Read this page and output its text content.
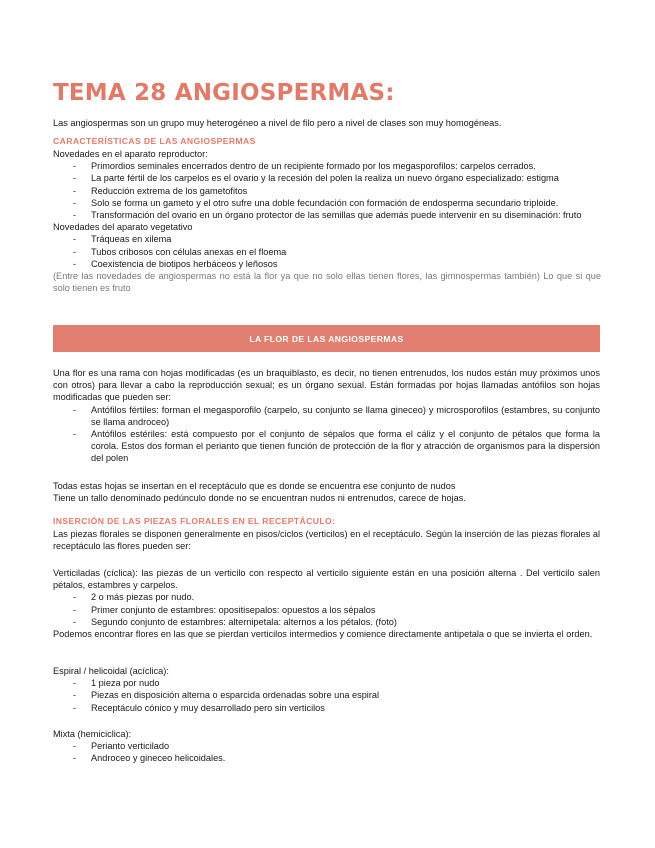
TEMA 28 ANGIOSPERMAS:

Las angiospermas son un grupo muy heterogéneo a nivel de filo pero a nivel de clases son muy homogéneas.

CARACTERÍSTICAS DE LAS ANGIOSPERMAS
Novedades en el aparato reproductor:
- Primordios seminales encerrados dentro de un recipiente formado por los megasporofilos: carpelos cerrados.
- La parte fértil de los carpelos es el ovario y la recesión del polen la realiza un nuevo órgano especializado: estigma
- Reducción extrema de los gametofitos
- Solo se forma un gameto y el otro sufre una doble fecundación con formación de endosperma secundario triploide.
- Transformación del ovario en un órgano protector de las semillas que además puede intervenir en su diseminación: fruto
Novedades del aparato vegetativo
- Tráqueas en xilema
- Tubos cribosos con células anexas en el floema
- Coexistencia de biotipos herbáceos y leñosos
(Entre las novedades de angiospermas no está la flor ya que no solo ellas tienen flores, las gimnospermas también) Lo que si que solo tienen es fruto
LA FLOR DE LAS ANGIOSPERMAS
Una flor es una rama con hojas modificadas (es un braquiblasto, es decir, no tienen entrenudos, los nudos están muy próximos unos con otros) para llevar a cabo la reproducción sexual; es un órgano sexual. Están formadas por hojas llamadas antófilos son hojas modificadas que pueden ser:
- Antófilos fértiles: forman el megasporofilo (carpelo, su conjunto se llama gineceo) y microsporofilos (estambres, su conjunto se llama androceo)
- Antófilos estériles: está compuesto por el conjunto de sépalos que forma el cáliz y el conjunto de pétalos que forma la corola. Estos dos forman el perianto que tienen función de protección de la flor y atracción de organismos para la dispersión del polen
Todas estas hojas se insertan en el receptáculo que es donde se encuentra ese conjunto de nudos
Tiene un tallo denominado pedúnculo donde no se encuentran nudos ni entrenudos, carece de hojas.
INSERCIÓN DE LAS PIEZAS FLORALES EN EL RECEPTÁCULO:

Las piezas florales se disponen generalmente en pisos/ciclos (verticilos) en el receptáculo. Según la inserción de las piezas florales al receptáculo las flores pueden ser:

Verticiladas (cíclica): las piezas de un verticilo con respecto al verticilo siguiente están en una posición alterna . Del verticilo salen pétalos, estambres y carpelos.
- 2 o más piezas por nudo.
- Primer conjunto de estambres: opositisepalos: opuestos a los sépalos
- Segundo conjunto de estambres: alternipetala: alternos a los pétalos. (foto)
Podemos encontrar flores en las que se pierdan verticilos intermedios y comience directamente antipetala o que se invierta el orden.
Espiral / helicoidal (acíclica):
- 1 pieza por nudo
- Piezas en disposición alterna o esparcida ordenadas sobre una espiral
- Receptáculo cónico y muy desarrollado pero sin verticilos
Mixta (hemiciclica):
- Perianto verticilado
- Androceo y gineceo helicoidales.
